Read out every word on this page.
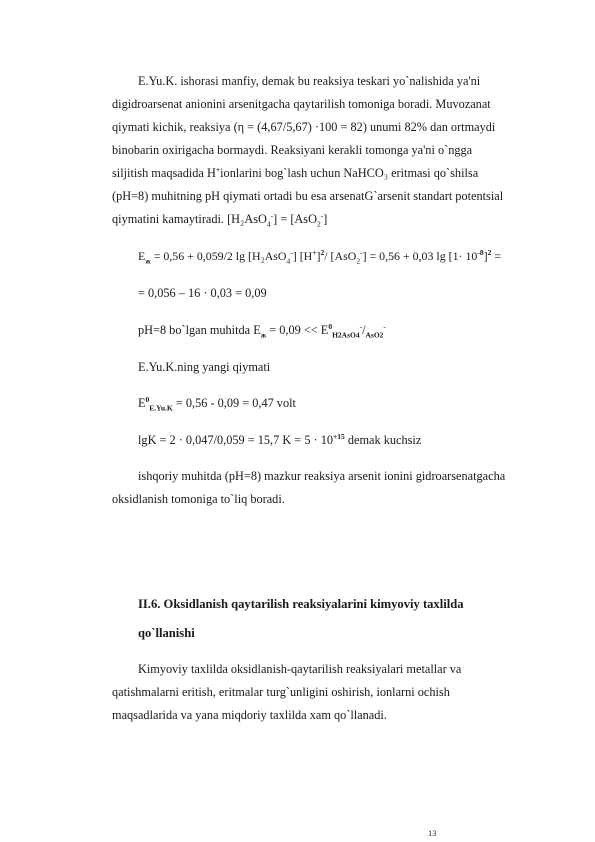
E.Yu.K. ishorasi manfiy, demak bu reaksiya teskari yo`nalishida ya'ni
digidroarsenat anionini arsenitgacha qaytarilish tomoniga boradi. Muvozanat
qiymati kichik, reaksiya (η = (4,67/5,67) ·100 = 82) unumi 82% dan ortmaydi
binobarin oxirigacha bormaydi. Reaksiyani kerakli tomonga ya'ni o`ngga
siljitish maqsadida H+ionlarini bog`lash uchun NaHCO₃ eritmasi qo`shilsa
(pH=8) muhitning pH qiymati ortadi bu esa arsenatG`arsenit standart potentsial
qiymatini kamaytiradi. [H₂AsO$_4$-] = [AsO$_2$-]
$E_ж = 0,56 + 0,059/2$ lg [H₂AsO$_4$-] $[H^+]^2/$ [AsO$_2$-] = 0,56 + 0,03 $\lg [1\cdot 10^{-8}]^2$ =
= 0,056 – 16 · 0,03 = 0,09
pH=8 bo`lgan muhitda $E_ж = 0,09 << E^0_{H2AsO4}^-/_{AsO2}^-$
E.Yu.K.ning yangi qiymati
$E^0_{E.Yu.K} = 0,56 - 0,09 = 0,47$ volt
lgK = 2 · 0,047/0,059 = 15,7 $K = 5 \cdot 10^{+15}$ demak kuchsiz
ishqoriy muhitda (pH=8) mazkur reaksiya arsenit ionini gidroarsenatgacha
oksidlanish tomoniga to`liq boradi.
II.6. Oksidlanish qaytarilish reaksiyalarini kimyoviy taxlilda
qo`llanishi
Kimyoviy taxlilda oksidlanish-qaytarilish reaksiyalari metallar va
qatishmalarni eritish, eritmalar turg`unligini oshirish, ionlarni ochish
maqsadlarida va yana miqdoriy taxlilda xam qo`llanadi.
13
